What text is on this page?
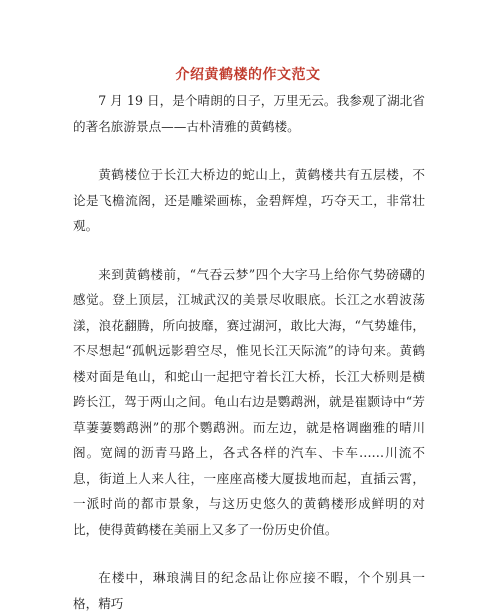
介绍黄鹤楼的作文范文

7 月 19 日，是个晴朗的日子，万里无云。我参观了湖北省的著名旅游景点——古朴清雅的黄鹤楼。

黄鹤楼位于长江大桥边的蛇山上，黄鹤楼共有五层楼，不论是飞檐流阁，还是雕梁画栋，金碧辉煌，巧夺天工，非常壮观。

来到黄鹤楼前，“气吞云梦”四个大字马上给你气势磅礴的感觉。登上顶层，江城武汉的美景尽收眼底。长江之水碧波荡漾，浪花翻腾，所向披靡，赛过湖河，敢比大海，“气势雄伟，不尽想起“孤帆远影碧空尽，惟见长江天际流”的诗句来。黄鹤楼对面是龟山，和蛇山一起把守着长江大桥，长江大桥则是横跨长江，驾于两山之间。龟山右边是鹦鹉洲，就是崔颢诗中“芳草萋萋鹦鹉洲”的那个鹦鹉洲。而左边，就是格调幽雅的晴川阁。宽阔的沥青马路上，各式各样的汽车、卡车……川流不息，街道上人来人往，一座座高楼大厦拔地而起，直插云霄，一派时尚的都市景象，与这历史悠久的黄鹤楼形成鲜明的对比，使得黄鹤楼在美丽上又多了一份历史价值。

在楼中，琳琅满目的纪念品让你应接不暇，个个别具一格，精巧
